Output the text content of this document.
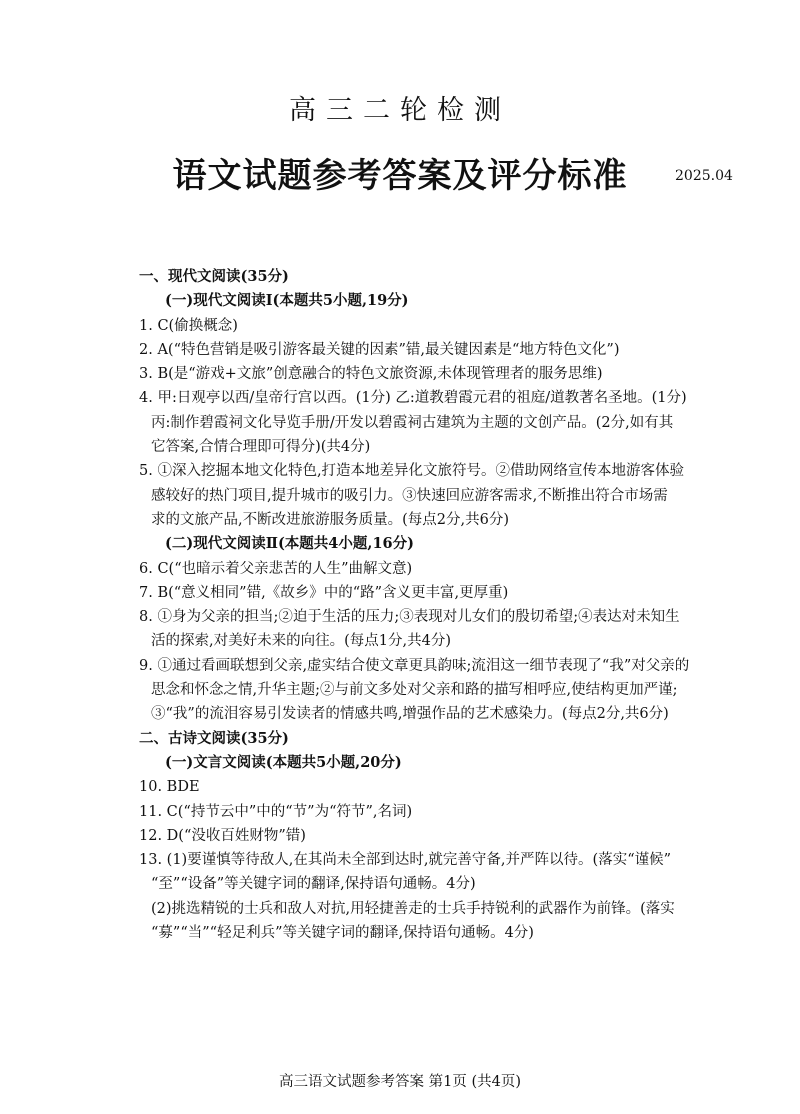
高三二轮检测
语文试题参考答案及评分标准	2025.04
一、现代文阅读(35分)
(一)现代文阅读Ⅰ(本题共5小题,19分)
1. C(偷换概念)
2. A(“特色营销是吸引游客最关键的因素”错,最关键因素是“地方特色文化”)
3. B(是“游戏+文旅”创意融合的特色文旅资源,未体现管理者的服务思维)
4. 甲:日观亭以西/皇帝行宫以西。(1分) 乙:道教碧霞元君的祖庭/道教著名圣地。(1分)
丙:制作碧霞祠文化导览手册/开发以碧霞祠古建筑为主题的文创产品。(2分,如有其
它答案,合情合理即可得分)(共4分)
5. ①深入挖掘本地文化特色,打造本地差异化文旅符号。②借助网络宣传本地游客体验
感较好的热门项目,提升城市的吸引力。③快速回应游客需求,不断推出符合市场需
求的文旅产品,不断改进旅游服务质量。(每点2分,共6分)
(二)现代文阅读Ⅱ(本题共4小题,16分)
6. C(“也暗示着父亲悲苦的人生”曲解文意)
7. B(“意义相同”错,《故乡》中的“路”含义更丰富,更厚重)
8. ①身为父亲的担当;②迫于生活的压力;③表现对儿女们的殷切希望;④表达对未知生
活的探索,对美好未来的向往。(每点1分,共4分)
9. ①通过看画联想到父亲,虚实结合使文章更具韵味;流泪这一细节表现了“我”对父亲的
思念和怀念之情,升华主题;②与前文多处对父亲和路的描写相呼应,使结构更加严谨;
③“我”的流泪容易引发读者的情感共鸣,增强作品的艺术感染力。(每点2分,共6分)
二、古诗文阅读(35分)
(一)文言文阅读(本题共5小题,20分)
10. BDE
11. C(“持节云中”中的“节”为“符节”,名词)
12. D(“没收百姓财物”错)
13. (1)要谨慎等待敌人,在其尚未全部到达时,就完善守备,并严阵以待。(落实“谨候”
“至”“设备”等关键字词的翻译,保持语句通畅。4分)
(2)挑选精锐的士兵和敌人对抗,用轻捷善走的士兵手持锐利的武器作为前锋。(落实
“募”“当”“轻足利兵”等关键字词的翻译,保持语句通畅。4分)
高三语文试题参考答案 第1页 (共4页)
